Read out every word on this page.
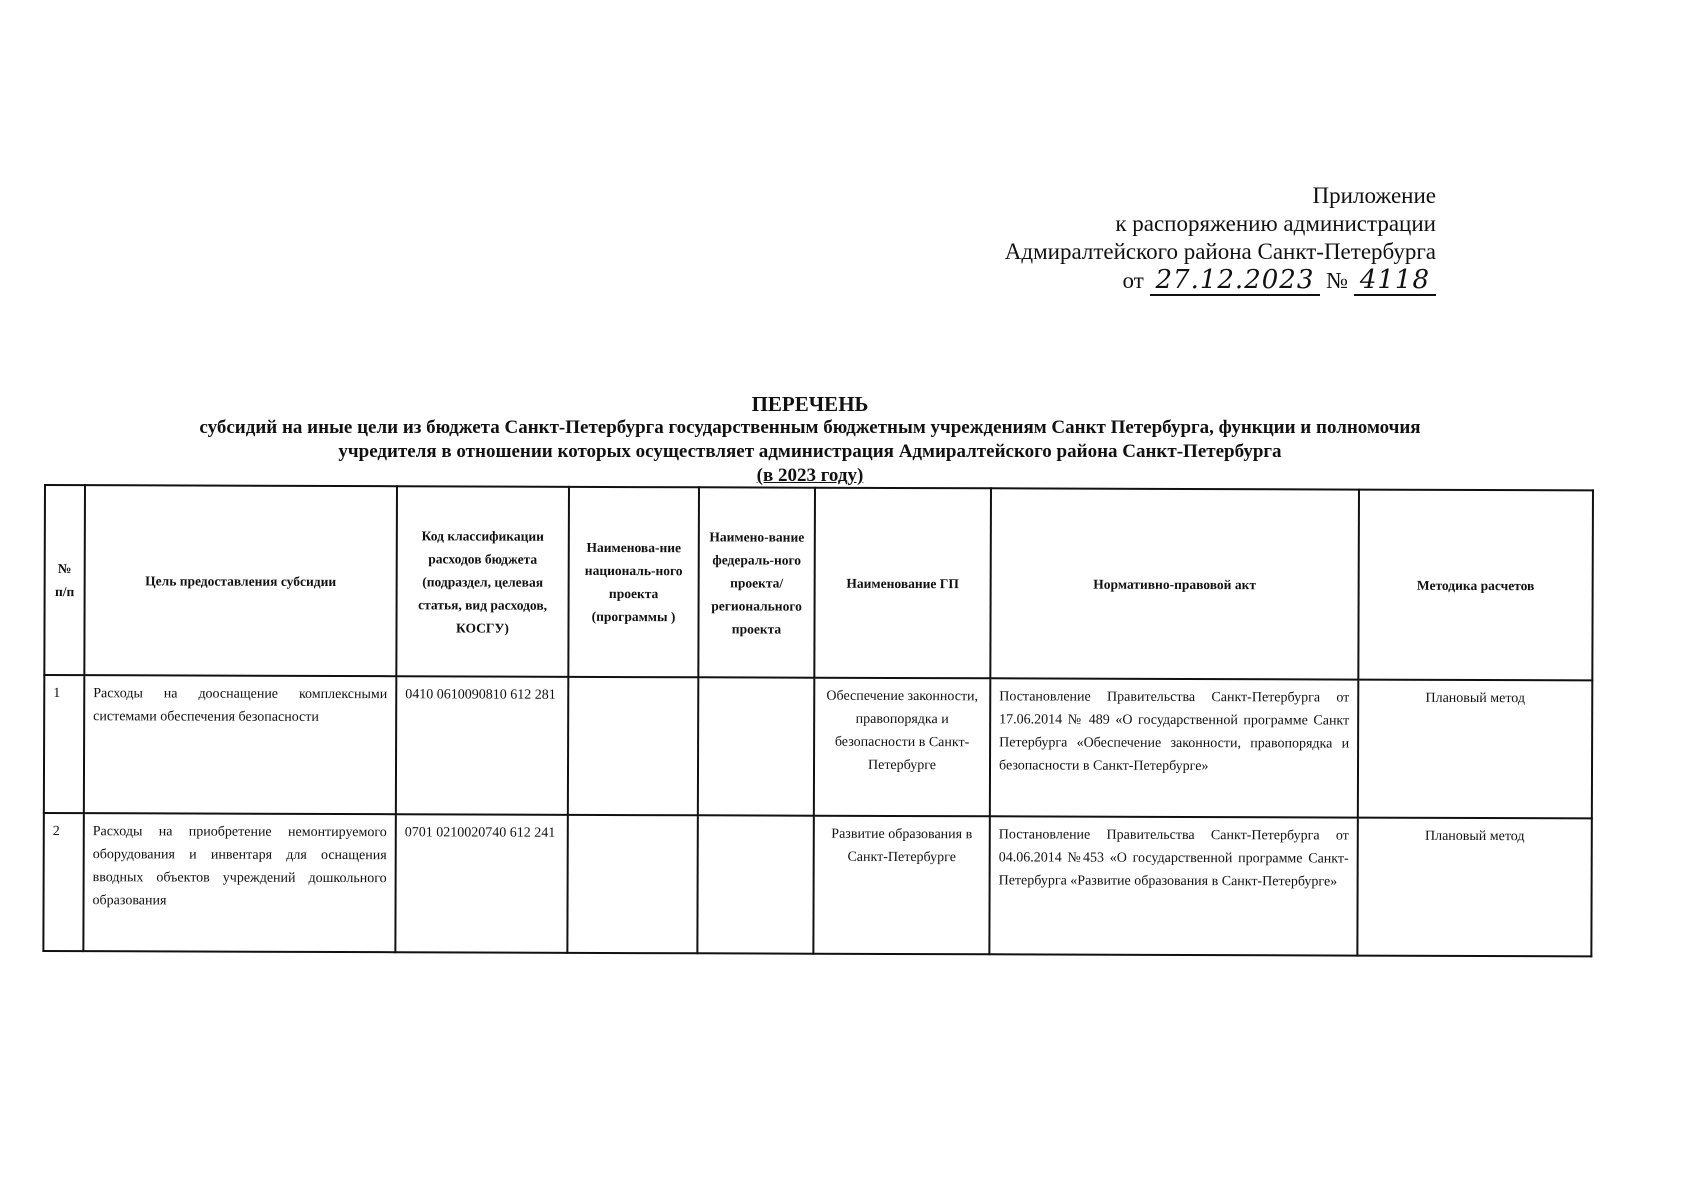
Приложение
к распоряжению администрации
Адмиралтейского района Санкт-Петербурга
от 27.12.2023 № 4118
ПЕРЕЧЕНЬ
субсидий на иные цели из бюджета Санкт-Петербурга государственным бюджетным учреждениям Санкт Петербурга, функции и полномочия
учредителя в отношении которых осуществляет администрация Адмиралтейского района Санкт-Петербурга
(в 2023 году)
№ п/п	Цель предоставления субсидии	Код классификации расходов бюджета (подраздел, целевая статья, вид расходов, КОСГУ)	Наименова-ние националь-ного проекта (программы )	Наимено-вание федераль-ного проекта/ регионального проекта	Наименование ГП	Нормативно-правовой акт	Методика расчетов
1	Расходы на дооснащение комплексными системами обеспечения безопасности	0410 0610090810 612 281			Обеспечение законности, правопорядка и безопасности в Санкт-Петербурге	Постановление Правительства Санкт-Петербурга от 17.06.2014 № 489 «О государственной программе Санкт Петербурга «Обеспечение законности, правопорядка и безопасности в Санкт-Петербурге»	Плановый метод
2	Расходы на приобретение немонтируемого оборудования и инвентаря для оснащения вводных объектов учреждений дошкольного образования	0701 0210020740 612 241			Развитие образования в Санкт-Петербурге	Постановление Правительства Санкт-Петербурга от 04.06.2014 №453 «О государственной программе Санкт-Петербурга «Развитие образования в Санкт-Петербурге»	Плановый метод
